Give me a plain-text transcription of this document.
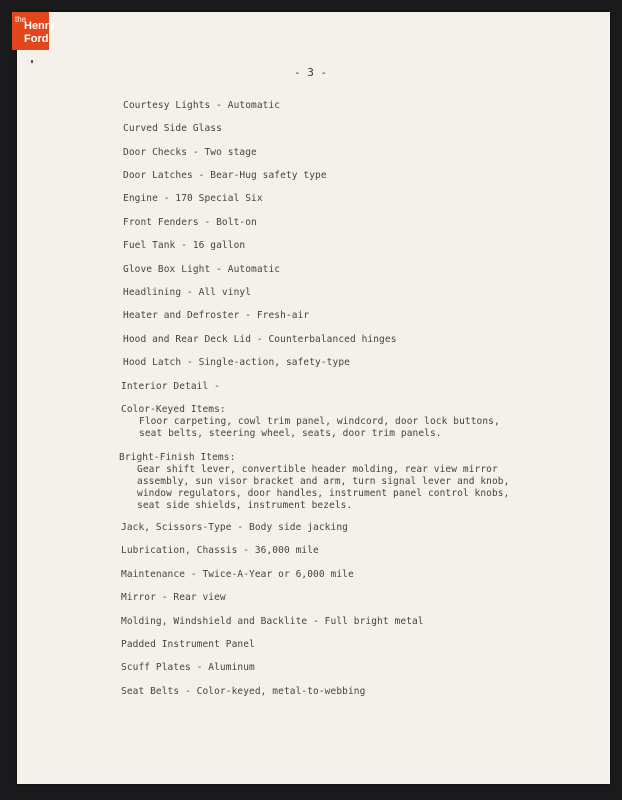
the
Henry
Ford
- 3 -
Courtesy Lights - Automatic
Curved Side Glass
Door Checks - Two stage
Door Latches - Bear-Hug safety type
Engine - 170 Special Six
Front Fenders - Bolt-on
Fuel Tank - 16 gallon
Glove Box Light - Automatic
Headlining - All vinyl
Heater and Defroster - Fresh-air
Hood and Rear Deck Lid - Counterbalanced hinges
Hood Latch - Single-action, safety-type
Interior Detail -
Color-Keyed Items:
Floor carpeting, cowl trim panel, windcord, door lock buttons,
seat belts, steering wheel, seats, door trim panels.
Bright-Finish Items:
Gear shift lever, convertible header molding, rear view mirror
assembly, sun visor bracket and arm, turn signal lever and knob,
window regulators, door handles, instrument panel control knobs,
seat side shields, instrument bezels.
Jack, Scissors-Type - Body side jacking
Lubrication, Chassis - 36,000 mile
Maintenance - Twice-A-Year or 6,000 mile
Mirror - Rear view
Molding, Windshield and Backlite - Full bright metal
Padded Instrument Panel
Scuff Plates - Aluminum
Seat Belts - Color-keyed, metal-to-webbing
